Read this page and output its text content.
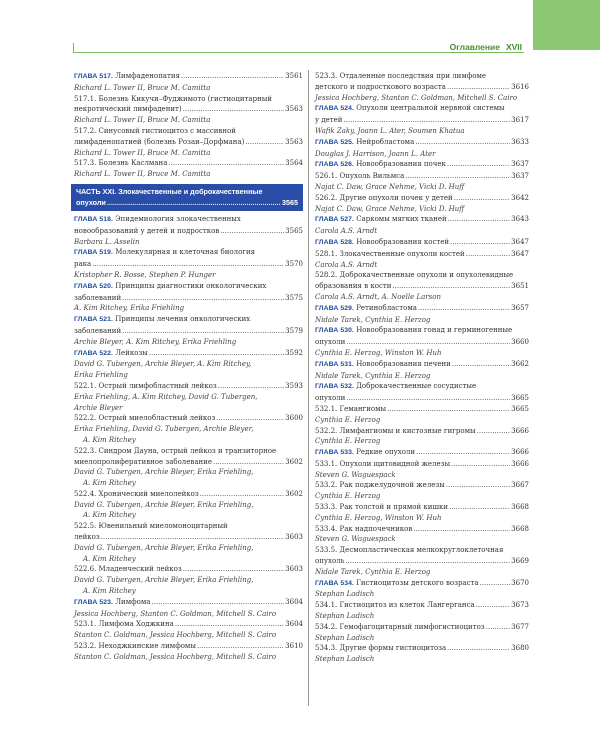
Оглавление XVII
ГЛАВА 517. Лимфаденопатия .....	3561
Richard L. Tower II, Bruce M. Camitta
517.1. Болезнь Кикучи–Фуджимото (гистиоцитарный
некротический лимфаденит) .....	3563
Richard L. Tower II, Bruce M. Camitta
517.2. Синусовый гистиоцитоз с массивной
лимфаденопатией (болезнь Розаи–Дорфмана) .....	3563
Richard L. Tower II, Bruce M. Camitta
517.3. Болезнь Каслмана .....	3564
Richard L. Tower II, Bruce M. Camitta
ЧАСТЬ XXI. Злокачественные и доброкачественные
опухоли .....	3565
ГЛАВА 518. Эпидемиология злокачественных
новообразований у детей и подростков .....	3565
Barbara L. Asselin
ГЛАВА 519. Молекулярная и клеточная биология
рака .....	3570
Kristopher R. Bosse, Stephen P. Hunger
ГЛАВА 520. Принципы диагностики онкологических
заболеваний .....	3575
A. Kim Ritchey, Erika Friehling
ГЛАВА 521. Принципы лечения онкологических
заболеваний .....	3579
Archie Bleyer, A. Kim Ritchey, Erika Friehling
ГЛАВА 522. Лейкозы .....	3592
David G. Tubergen, Archie Bleyer, A. Kim Ritchey,
Erika Friehling
522.1. Острый лимфобластный лейкоз .....	3593
Erika Friehling, A. Kim Ritchey, David G. Tubergen,
Archie Bleyer
522.2. Острый миелобластный лейкоз .....	3600
Erika Friehling, David G. Tubergen, Archie Bleyer,
A. Kim Ritchey
522.3. Синдром Дауна, острый лейкоз и транзиторное
миелопролиферативное заболевание .....	3602
David G. Tubergen, Archie Bleyer, Erika Friehling,
A. Kim Ritchey
522.4. Хронический миелолейкоз .....	3602
David G. Tubergen, Archie Bleyer, Erika Friehling,
A. Kim Ritchey
522.5. Ювенильный миеломоноцитарный
лейкоз .....	3603
David G. Tubergen, Archie Bleyer, Erika Friehling,
A. Kim Ritchey
522.6. Младенческий лейкоз .....	3603
David G. Tubergen, Archie Bleyer, Erika Friehling,
A. Kim Ritchey
ГЛАВА 523. Лимфома .....	3604
Jessica Hochberg, Stanton C. Goldman, Mitchell S. Cairo
523.1. Лимфома Ходжкина .....	3604
Stanton C. Goldman, Jessica Hochberg, Mitchell S. Cairo
523.2. Неходжкинские лимфомы .....	3610
Stanton C. Goldman, Jessica Hochberg, Mitchell S. Cairo
523.3. Отдаленные последствия при лимфоме
детского и подросткового возраста .....	3616
Jessica Hochberg, Stanton C. Goldman, Mitchell S. Cairo
ГЛАВА 524. Опухоли центральной нервной системы
у детей .....	3617
Wafik Zaky, Joann L. Ater, Soumen Khatua
ГЛАВА 525. Нейробластома .....	3633
Douglas J. Harrison, Joann L. Ater
ГЛАВА 526. Новообразования почек .....	3637
526.1. Опухоль Вильмса .....	3637
Najat C. Daw, Grace Nehme, Vicki D. Huff
526.2. Другие опухоли почек у детей .....	3642
Najat C. Daw, Grace Nehme, Vicki D. Huff
ГЛАВА 527. Саркомы мягких тканей .....	3643
Carola A.S. Arndt
ГЛАВА 528. Новообразования костей .....	3647
528.1. Злокачественные опухоли костей .....	3647
Carola A.S. Arndt
528.2. Доброкачественные опухоли и опухолевидные
образования в кости .....	3651
Carola A.S. Arndt, A. Noelle Larson
ГЛАВА 529. Ретинобластома .....	3657
Nidale Tarek, Cynthia E. Herzog
ГЛАВА 530. Новообразования гонад и герминогенные
опухоли .....	3660
Cynthia E. Herzog, Winston W. Huh
ГЛАВА 531. Новообразования печени .....	3662
Nidale Tarek, Cynthia E. Herzog
ГЛАВА 532. Доброкачественные сосудистые
опухоли .....	3665
532.1. Гемангиомы .....	3665
Cynthia E. Herzog
532.2. Лимфангиомы и кистозные гигромы .....	3666
Cynthia E. Herzog
ГЛАВА 533. Редкие опухоли .....	3666
533.1. Опухоли щитовидной железы .....	3666
Steven G. Waguespack
533.2. Рак поджелудочной железы .....	3667
Cynthia E. Herzog
533.3. Рак толстой и прямой кишки .....	3668
Cynthia E. Herzog, Winston W. Huh
533.4. Рак надпочечников .....	3668
Steven G. Waguespack
533.5. Десмопластическая мелкокруглоклеточная
опухоль .....	3669
Nidale Tarek, Cynthia E. Herzog
ГЛАВА 534. Гистиоцитозы детского возраста .....	3670
Stephan Ladisch
534.1. Гистиоцитоз из клеток Лангерганса .....	3673
Stephan Ladisch
534.2. Гемофагоцитарный лимфогистиоцитоз .....	3677
Stephan Ladisch
534.3. Другие формы гистиоцитоза .....	3680
Stephan Ladisch
